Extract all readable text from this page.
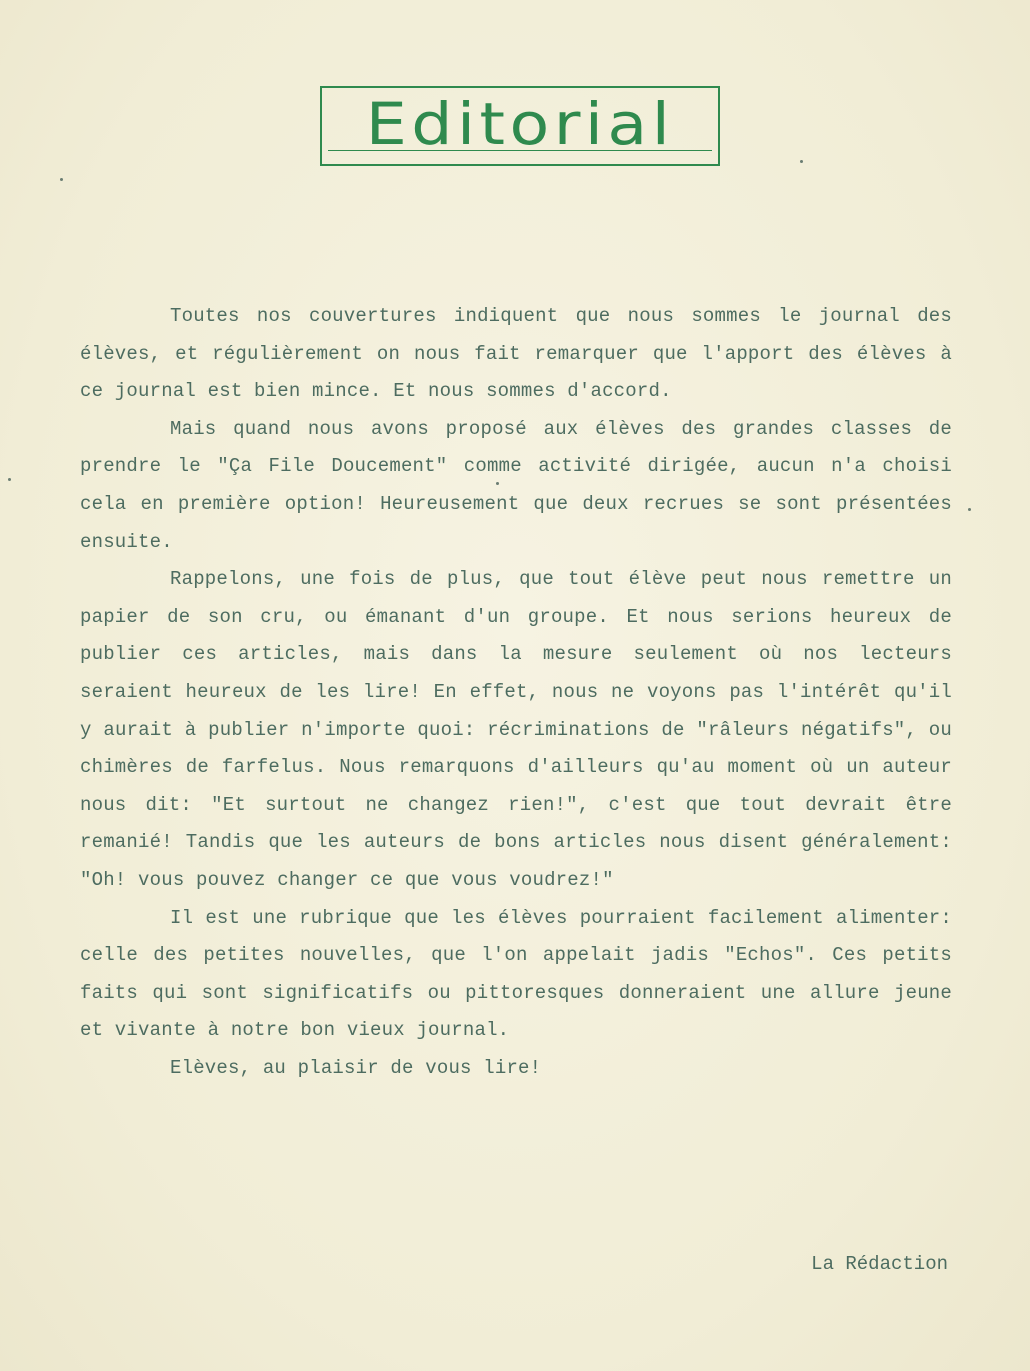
Editorial

Toutes nos couvertures indiquent que nous sommes le journal des élèves, et régulièrement on nous fait remarquer que l'apport des élèves à ce journal est bien mince. Et nous sommes d'accord.

Mais quand nous avons proposé aux élèves des grandes classes de prendre le "Ça File Doucement" comme activité dirigée, aucun n'a choisi cela en première option! Heureusement que deux recrues se sont présentées ensuite.

Rappelons, une fois de plus, que tout élève peut nous remettre un papier de son cru, ou émanant d'un groupe. Et nous serions heureux de publier ces articles, mais dans la mesure seulement où nos lecteurs seraient heureux de les lire! En effet, nous ne voyons pas l'intérêt qu'il y aurait à publier n'importe quoi: récriminations de "râleurs négatifs", ou chimères de farfelus. Nous remarquons d'ailleurs qu'au moment où un auteur nous dit: "Et surtout ne changez rien!", c'est que tout devrait être remanié! Tandis que les auteurs de bons articles nous disent généralement: "Oh! vous pouvez changer ce que vous voudrez!"

Il est une rubrique que les élèves pourraient facilement alimenter: celle des petites nouvelles, que l'on appelait jadis "Echos". Ces petits faits qui sont significatifs ou pittoresques donneraient une allure jeune et vivante à notre bon vieux journal.

Elèves, au plaisir de vous lire!

La Rédaction
